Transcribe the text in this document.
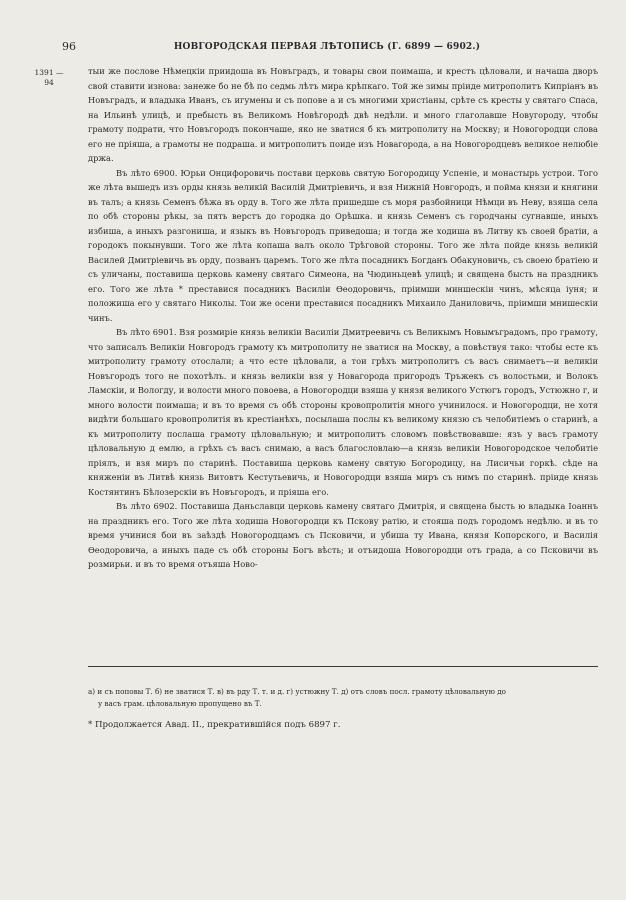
96	НОВГОРОДСКАЯ ПЕРВАЯ ЛѢТОПИСЬ (Г. 6899 — 6902.)
1391 — 94

тыи же послове Нѣмецкiи приидоша въ Новъградъ, и товары свои поимаша, и крестъ цѣловали, и начаша дворъ свой ставити изнова: занеже бо не бѣ по седмь лѣтъ мира крѣпкаго. Той же зимы прiиде митрополитъ Кипрiанъ въ Новъградъ, и владыка Иванъ, съ игумены и съ попове а и съ многими христiаны, срѣте съ кресты у святаго Спаса, на Ильинѣ улицѣ, и пребысть въ Великомъ Новѣгородѣ двѣ недѣли. и много глаголавше Новугороду, чтобы грамоту подрати, что Новъгородъ покончаше, яко не зватися б къ митрополиту на Москву; и Новогородци слова его не прiяша, а грамоты не подраша. и митрополитъ поиде изъ Новагорода, а на Новогородцевъ великое нелюбiе држа.

Въ лѣто 6900. Юрьи Онцифоровичь постави церковь святую Богородицу Успенiе, и монастырь устрои. Того же лѣта вышедъ изъ орды князь великiй Василiй Дмитрiевичь, и взя Нижнiй Новгородъ, и пойма князи и княгини въ талъ; а князь Семенъ бѣжа въ орду в. Того же лѣта пришедше съ моря разбойници Нѣмци въ Неву, взяша села по обѣ стороны рѣкы, за пять верстъ до городка до Орѣшка. и князь Семенъ съ городчаны сугнавше, иныхъ избиша, а иныхъ разгониша, и языкъ въ Новъгородъ приведоша; и тогда же ходиша въ Литву къ своей братiи, а городокъ покынувши. Того же лѣта копаша валъ около Трѣговой стороны. Того же лѣта пойде князь великiй Василей Дмитрiевичь въ орду, позванъ царемъ. Того же лѣта посадникъ Богданъ Обакуновичь, съ своею братiею и съ уличаны, поставиша церковь камену святаго Симеона, на Чюдиньцевѣ улицѣ; и священа бысть на праздникъ его. Того же лѣта * преставися посадникъ Василiи Ѳеодоровичь, прiимши миншескiи чинъ, мѣсяца iуня; и положиша его у святаго Николы. Тои же осени преставися посадникъ Михаило Даниловичь, прiимши мнишескiи чинъ.

Въ лѣто 6901. Взя розмирiе князь великiи Василiи Дмитреевичь съ Великымъ Новымъградомъ, про грамоту, что записалъ Великiи Новгородъ грамоту къ митрополиту не зватися на Москву, а повѣствуя тако: чтобы есте къ митрополиту грамоту отослали; а что есте цѣловали, а тои грѣхъ митрополитъ съ васъ снимаетъ—и великiи Новъгородъ того не похотѣлъ. и князь великiи взя у Новагорода пригородъ Тръжекъ съ волостьми, и Волокъ Ламскiи, и Вологду, и волости много повоева, а Новогородци взяша у князя великого Устюгъ городъ, Устюжно г, и много волости поимаша; и въ то время съ обѣ стороны кровопролитiя много учинилося. и Новогородци, не хотя видѣти большаго кровопролитiя въ крестiанѣхъ, посылаша послы къ великому князю съ челобитiемъ о старинѣ, а къ митрополиту послаша грамоту цѣловальную; и митрополитъ словомъ повѣствовавше: язъ у васъ грамоту цѣловальную д емлю, а грѣхъ съ васъ снимаю, а васъ благословлаю—а князь великiи Новогородское челобитiе прiялъ, и взя миръ по старинѣ. Поставиша церковь камену святую Богородицу, на Лисичьи горкѣ. сѣде на княженiи въ Литвѣ князь Витовтъ Кестутьевичь, и Новогородци взяша миръ съ нимъ по старинѣ. прiиде князь Костянтинъ Бѣлозерскiи въ Новъгородъ, и прiяша его.

Въ лѣто 6902. Поставиша Даньславци церковь камену святаго Дмитрiя, и священа бысть ю владыка Iоаннъ на праздникъ его. Того же лѣта ходиша Новогородци къ Пскову ратiю, и стояша подъ городомъ недѣлю. и въ то время учинися бои въ заѣздѣ Новогородцамъ съ Псковичи, и убиша ту Ивана, князя Копорского, и Василiя Ѳеодоровича, а иныхъ паде съ обѣ стороны Богъ вѣсть; и отъидоша Новогородци отъ града, а со Псковичи въ розмирьи. и въ то время отъяша Ново-

а) и съ попoвы Т. б) не зватися Т. в) въ рду Т. т. и д. г) устюжну Т. д) отъ словъ посл. грамоту цѣловальную до

у васъ грам. цѣловальную пропущено въ Т.

* Продолжается Авад. II., прекратившiйся подъ 6897 г.
